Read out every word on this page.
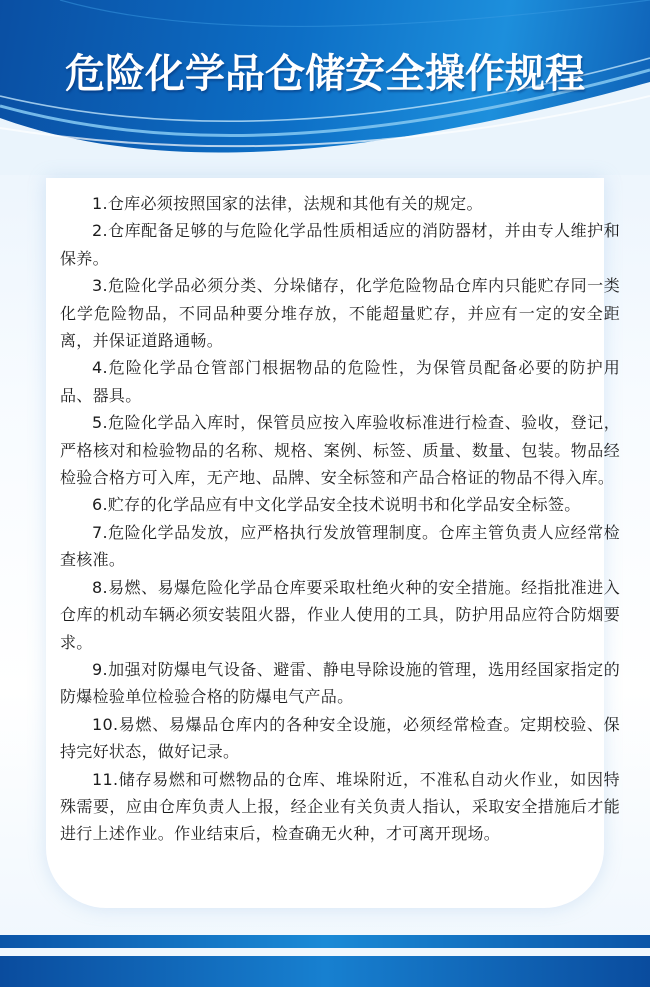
危险化学品仓储安全操作规程

1.仓库必须按照国家的法律，法规和其他有关的规定。

2.仓库配备足够的与危险化学品性质相适应的消防器材，并由专人维护和保养。

3.危险化学品必须分类、分垛储存，化学危险物品仓库内只能贮存同一类化学危险物品，不同品种要分堆存放，不能超量贮存，并应有一定的安全距离，并保证道路通畅。

4.危险化学品仓管部门根据物品的危险性，为保管员配备必要的防护用品、器具。

5.危险化学品入库时，保管员应按入库验收标准进行检查、验收，登记，严格核对和检验物品的名称、规格、案例、标签、质量、数量、包装。物品经检验合格方可入库，无产地、品牌、安全标签和产品合格证的物品不得入库。

6.贮存的化学品应有中文化学品安全技术说明书和化学品安全标签。

7.危险化学品发放，应严格执行发放管理制度。仓库主管负责人应经常检查核准。

8.易燃、易爆危险化学品仓库要采取杜绝火种的安全措施。经指批准进入仓库的机动车辆必须安装阻火器，作业人使用的工具，防护用品应符合防烟要求。

9.加强对防爆电气设备、避雷、静电导除设施的管理，选用经国家指定的防爆检验单位检验合格的防爆电气产品。

10.易燃、易爆品仓库内的各种安全设施，必须经常检查。定期校验、保持完好状态，做好记录。

11.储存易燃和可燃物品的仓库、堆垛附近，不准私自动火作业，如因特殊需要，应由仓库负责人上报，经企业有关负责人指认，采取安全措施后才能进行上述作业。作业结束后，检查确无火种，才可离开现场。
